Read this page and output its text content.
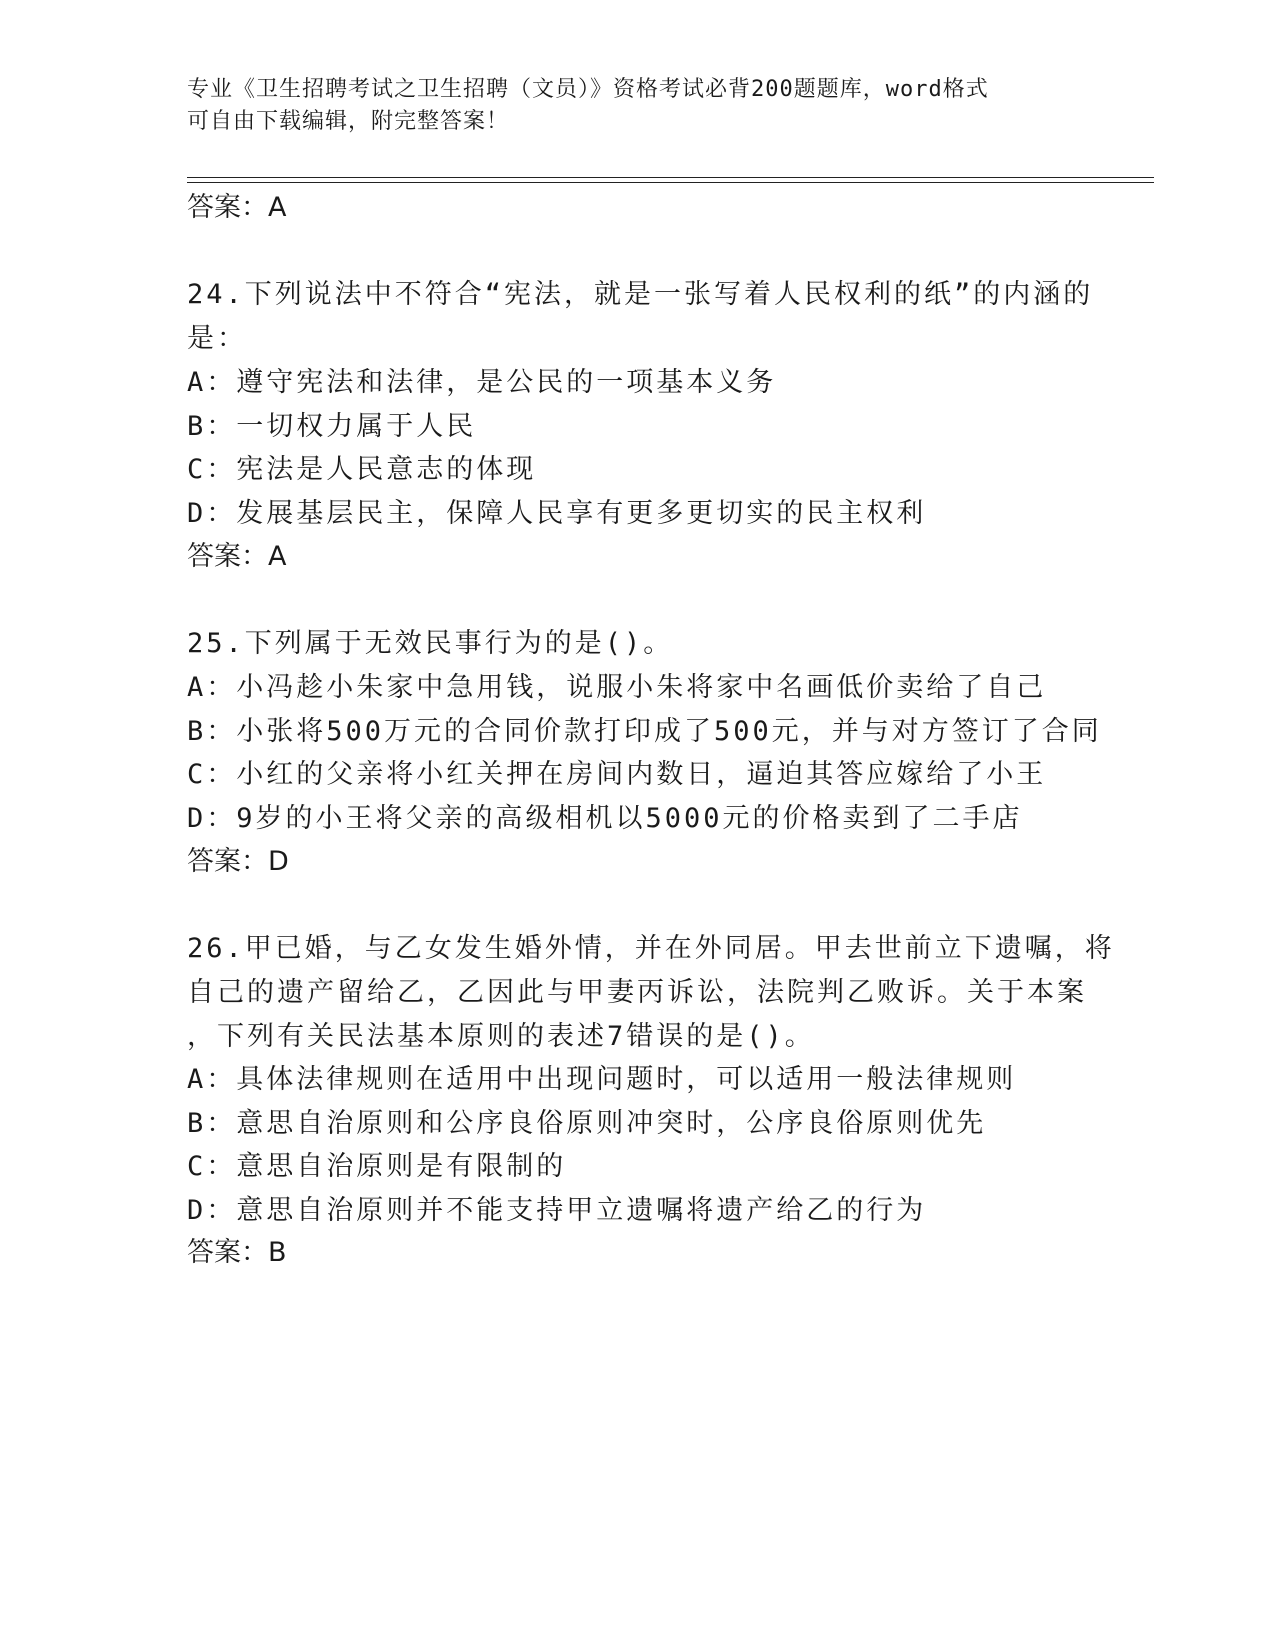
专业《卫生招聘考试之卫生招聘（文员）》资格考试必背200题题库，word格式
可自由下载编辑，附完整答案！
答案：A
24.下列说法中不符合“宪法，就是一张写着人民权利的纸”的内涵的
是：
A：遵守宪法和法律，是公民的一项基本义务
B：一切权力属于人民
C：宪法是人民意志的体现
D：发展基层民主，保障人民享有更多更切实的民主权利
答案：A
25.下列属于无效民事行为的是()。
A：小冯趁小朱家中急用钱，说服小朱将家中名画低价卖给了自己
B：小张将500万元的合同价款打印成了500元，并与对方签订了合同
C：小红的父亲将小红关押在房间内数日，逼迫其答应嫁给了小王
D：9岁的小王将父亲的高级相机以5000元的价格卖到了二手店
答案：D
26.甲已婚，与乙女发生婚外情，并在外同居。甲去世前立下遗嘱，将
自己的遗产留给乙，乙因此与甲妻丙诉讼，法院判乙败诉。关于本案
，下列有关民法基本原则的表述7错误的是()。
A：具体法律规则在适用中出现问题时，可以适用一般法律规则
B：意思自治原则和公序良俗原则冲突时，公序良俗原则优先
C：意思自治原则是有限制的
D：意思自治原则并不能支持甲立遗嘱将遗产给乙的行为
答案：B
